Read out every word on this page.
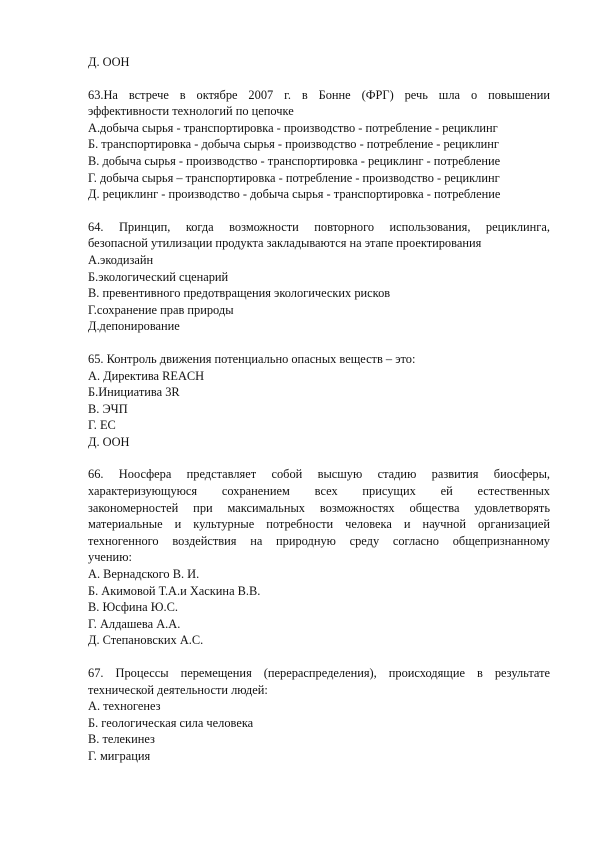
Д. ООН
63.На встрече в октябре 2007 г. в Бонне (ФРГ) речь шла о повышении
эффективности технологий по цепочке
А.добыча сырья - транспортировка - производство - потребление - рециклинг
Б. транспортировка - добыча сырья - производство - потребление - рециклинг
В. добыча сырья - производство - транспортировка - рециклинг - потребление
Г. добыча сырья – транспортировка - потребление - производство - рециклинг
Д. рециклинг - производство - добыча сырья - транспортировка - потребление
64. Принцип, когда возможности повторного использования, рециклинга,
безопасной утилизации продукта закладываются на этапе проектирования
А.экодизайн
Б.экологический сценарий
В. превентивного предотвращения экологических рисков
Г.сохранение прав природы
Д.депонирование
65. Контроль движения потенциально опасных веществ – это:
А. Директива REACH
Б.Инициатива 3R
В. ЭЧП
Г. ЕС
Д. ООН
66. Ноосфера представляет собой высшую стадию развития биосферы,
характеризующуюся сохранением всех присущих ей естественных
закономерностей при максимальных возможностях общества удовлетворять
материальные и культурные потребности человека и научной организацией
техногенного воздействия на природную среду согласно общепризнанному
учению:
А. Вернадского В. И.
Б. Акимовой Т.А.и Хаскина В.В.
В. Юсфина Ю.С.
Г. Алдашева А.А.
Д. Степановских А.С.
67. Процессы перемещения (перераспределения), происходящие в результате
технической деятельности людей:
А. техногенез
Б. геологическая сила человека
В. телекинез
Г. миграция
